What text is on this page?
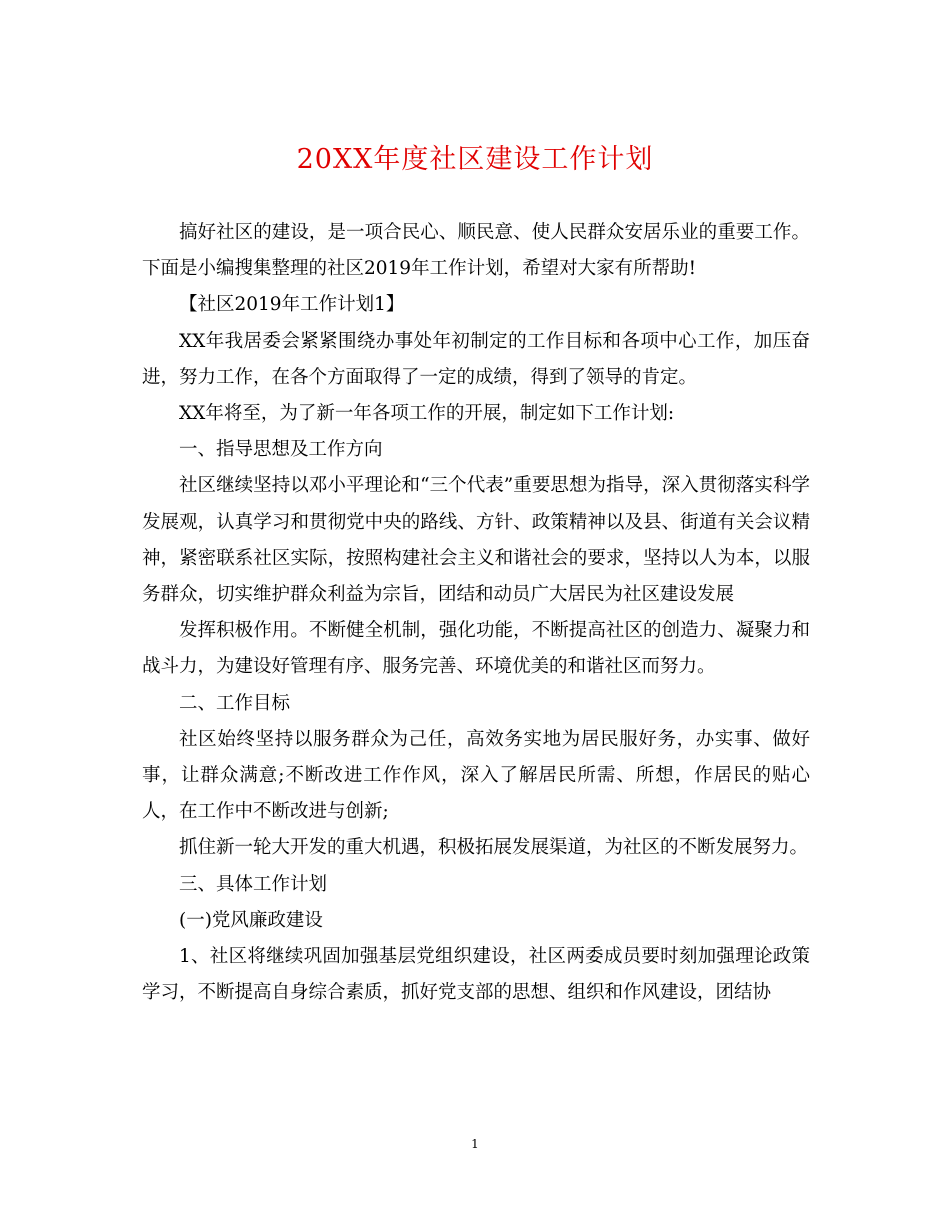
20XX年度社区建设工作计划

搞好社区的建设，是一项合民心、顺民意、使人民群众安居乐业的重要工作。下面是小编搜集整理的社区2019年工作计划，希望对大家有所帮助!

【社区2019年工作计划1】

XX年我居委会紧紧围绕办事处年初制定的工作目标和各项中心工作，加压奋进，努力工作，在各个方面取得了一定的成绩，得到了领导的肯定。

XX年将至，为了新一年各项工作的开展，制定如下工作计划:

一、指导思想及工作方向

社区继续坚持以邓小平理论和“三个代表”重要思想为指导，深入贯彻落实科学发展观，认真学习和贯彻党中央的路线、方针、政策精神以及县、街道有关会议精神，紧密联系社区实际，按照构建社会主义和谐社会的要求，坚持以人为本，以服务群众，切实维护群众利益为宗旨，团结和动员广大居民为社区建设发展

发挥积极作用。不断健全机制，强化功能，不断提高社区的创造力、凝聚力和战斗力，为建设好管理有序、服务完善、环境优美的和谐社区而努力。

二、工作目标

社区始终坚持以服务群众为己任，高效务实地为居民服好务，办实事、做好事，让群众满意;不断改进工作作风，深入了解居民所需、所想，作居民的贴心人，在工作中不断改进与创新;

抓住新一轮大开发的重大机遇，积极拓展发展渠道，为社区的不断发展努力。

三、具体工作计划

(一)党风廉政建设

1、社区将继续巩固加强基层党组织建设，社区两委成员要时刻加强理论政策学习，不断提高自身综合素质，抓好党支部的思想、组织和作风建设，团结协

1
